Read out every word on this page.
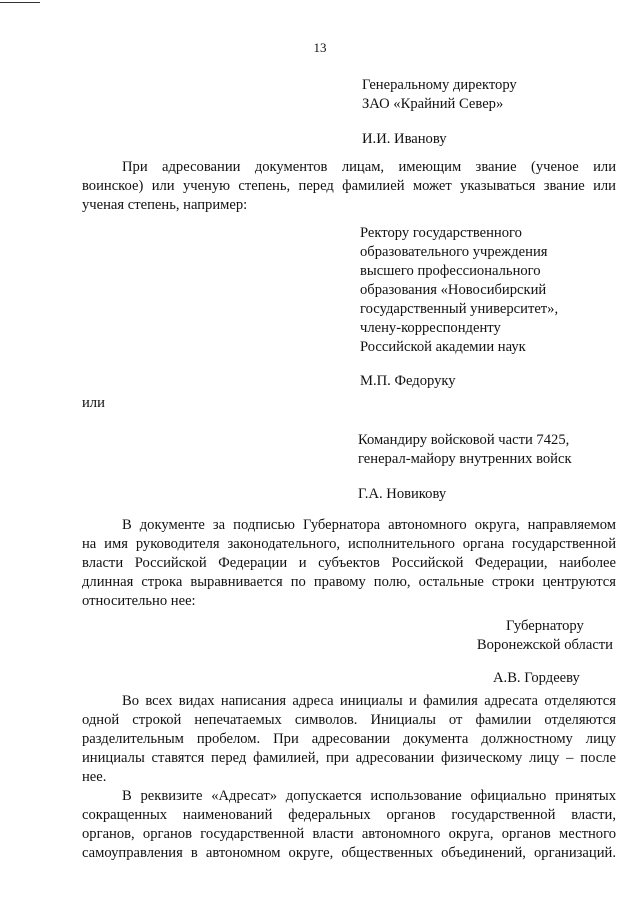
13
Генеральному директору
ЗАО «Крайний Север»
И.И. Иванову
При адресовании документов лицам, имеющим звание (ученое или
воинское) или ученую степень, перед фамилией может указываться звание или
ученая степень, например:
Ректору государственного
образовательного учреждения
высшего профессионального
образования «Новосибирский
государственный университет»,
члену-корреспонденту
Российской академии наук
М.П. Федоруку
или
Командиру войсковой части 7425,
генерал-майору внутренних войск
Г.А. Новикову
В документе за подписью Губернатора автономного округа, направляемом
на имя руководителя законодательного, исполнительного органа государственной
власти Российской Федерации и субъектов Российской Федерации, наиболее
длинная строка выравнивается по правому полю, остальные строки центруются
относительно нее:
Губернатору
Воронежской области
А.В. Гордееву
Во всех видах написания адреса инициалы и фамилия адресата отделяются
одной строкой непечатаемых символов. Инициалы от фамилии отделяются
разделительным пробелом. При адресовании документа должностному лицу
инициалы ставятся перед фамилией, при адресовании физическому лицу – после
нее.
В реквизите «Адресат» допускается использование официально принятых
сокращенных наименований федеральных органов государственной власти,
органов, органов государственной власти автономного округа, органов местного
самоуправления в автономном округе, общественных объединений, организаций.
